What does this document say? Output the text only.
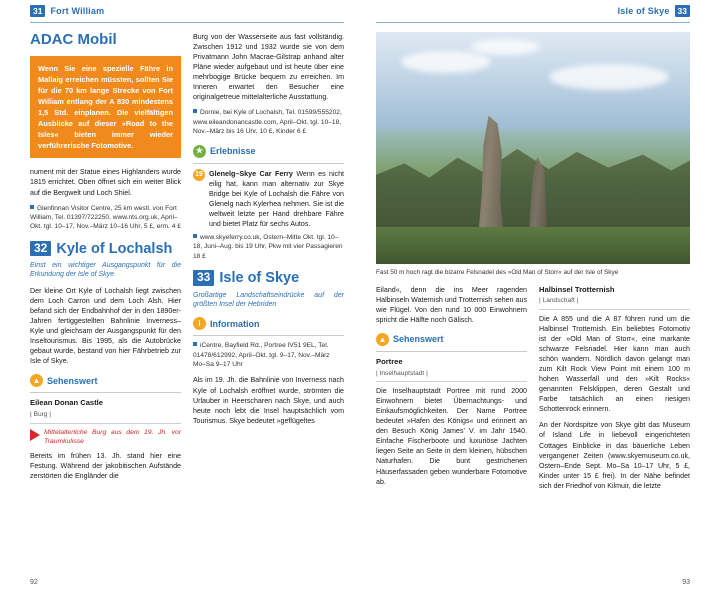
31 Fort William
ADAC Mobil
Wenn Sie eine spezielle Fähre in Mallaig erreichen müssten, sollten Sie für die 70 km lange Strecke von Fort William entlang der A 830 mindestens 1,5 Std. einplanen. Die vielfältigen Ausblicke auf dieser »Road to the Isles« bieten immer wieder verführerische Fotomotive.

nument mit der Statue eines Highlanders wurde 1815 errichtet. Oben öffnet sich ein weiter Blick auf die Bergwelt und Loch Shiel.

Glenfinnan Visitor Centre, 25 km westl. von Fort William, Tel. 01397/722250, www.nts.org.uk, April–Okt. tgl. 10–17, Nov.–März 10–16 Uhr, 5 £, erm. 4 £
32 Kyle of Lochalsh
Einst ein wichtiger Ausgangspunkt für die Erkundung der Isle of Skye

Der kleine Ort Kyle of Lochalsh liegt zwischen dem Loch Carron und dem Loch Alsh. Hier befand sich der Endbahnhof der in den 1890er-Jahren fertiggestellten Bahnlinie Inverness–Kyle und gleichsam der Ausgangspunkt für den Inseltourismus. Bis 1995, als die Autobrücke gebaut wurde, bestand von hier Fährbetrieb zur Isle of Skye.

▲ Sehenswert
Eilean Donan Castle
| Burg |
Mittelalterliche Burg aus dem 19. Jh. vor Traumkulisse

Bereits im frühen 13. Jh. stand hier eine Festung. Während der jakobitischen Aufstände zerstörten die Engländer die

Burg von der Wasserseite aus fast vollständig. Zwischen 1912 und 1932 wurde sie von dem Privatmann John Macrae-Gilstrap anhand alter Pläne wieder aufgebaut und ist heute über eine mehrbogige Brücke bequem zu erreichen. Im Inneren erwartet den Besucher eine originalgetreue mittelalterliche Ausstattung.

Dornie, bei Kyle of Lochalsh, Tel. 01599/555202, www.eileandonancastle.com, April–Okt. tgl. 10–18, Nov.–März bis 16 Uhr, 10 £, Kinder 6 £
★ Erlebnisse
19 Glenelg–Skye Car Ferry Wenn es nicht eilig hat, kann man alternativ zur Skye Bridge bei Kyle of Lochalsh die Fähre von Glenelg nach Kylerhea nehmen. Sie ist die weltweit letzte per Hand drehbare Fähre und bietet Platz für sechs Autos.
www.skyeferry.co.uk, Ostern–Mitte Okt. tgl. 10–18, Juni–Aug. bis 19 Uhr, Pkw mit vier Passagieren 18 £
33 Isle of Skye
Großartige Landschaftseindrücke auf der größten Insel der Hebriden
i	Information
iCentre, Bayfield Rd., Portree IV51 9EL, Tel. 01478/612992, April–Okt. tgl. 9–17, Nov.–März Mo–Sa 9–17 Uhr

Als im 19. Jh. die Bahnlinie von Inverness nach Kyle of Lochalsh eröffnet wurde, strömten die Urlauber in Heerscharen nach Skye, und auch heute noch lebt die Insel hauptsächlich vom Tourismus. Skye bedeutet »geflügeltes

92
Isle of Skye 33
Fast 50 m hoch ragt die bizarre Felsnadel des »Old Man of Storr« auf der Isle of Skye

Eiland«, denn die ins Meer ragenden Halbinseln Waternish und Trotternish sehen aus wie Flügel. Von den rund 10 000 Einwohnern spricht die Hälfte noch Gälisch.

▲ Sehenswert
Portree
| Inselhauptstadt |

Die Inselhauptstadt Portree mit rund 2000 Einwohnern bietet Übernachtungs- und Einkaufsmöglichkeiten. Der Name Portree bedeutet »Hafen des Königs« und erinnert an den Besuch König James’ V. im Jahr 1540. Einfache Fischerboote und luxuriöse Jachten liegen Seite an Seite in dem kleinen, hübschen Naturhafen. Die bunt gestrichenen Häuserfassaden geben wunderbare Fotomotive ab.

Halbinsel Trotternish
| Landschaft |

Die A 855 und die A 87 führen rund um die Halbinsel Trotternish. Ein beliebtes Fotomotiv ist der »Old Man of Storr«, eine markante schwarze Felsnadel. Hier kann man auch schön wandern. Nördlich davon gelangt man zum Kilt Rock View Point mit einem 100 m hohen Wasserfall und den »Kilt Rocks« genannten Felsklippen, deren Gestalt und Farbe tatsächlich an einen riesigen Schottenrock erinnern.

An der Nordspitze von Skye gibt das Museum of Island Life in liebevoll eingerichteten Cottages Einblicke in das bäuerliche Leben vergangener Zeiten (www.skyemuseum.co.uk, Ostern–Ende Sept. Mo–Sa 10–17 Uhr, 5 £, Kinder unter 15 £ frei). In der Nähe befindet sich der Friedhof von Kilmuir, die letzte

93
